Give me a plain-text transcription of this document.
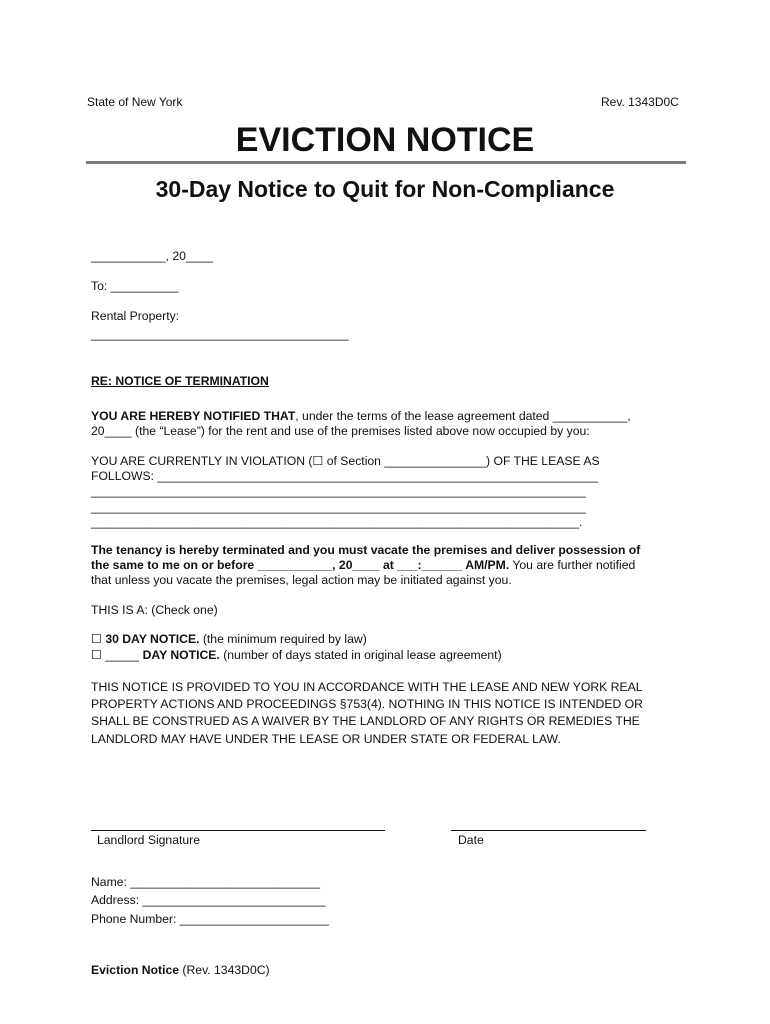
State of New York	Rev. 1343D0C
EVICTION NOTICE
30-Day Notice to Quit for Non-Compliance
___________, 20____
To: __________
Rental Property:
______________________________________
RE: NOTICE OF TERMINATION
YOU ARE HEREBY NOTIFIED THAT, under the terms of the lease agreement dated ___________,
20____ (the “Lease”) for the rent and use of the premises listed above now occupied by you:
YOU ARE CURRENTLY IN VIOLATION (☐ of Section _______________) OF THE LEASE AS
FOLLOWS: _________________________________________________________________
_________________________________________________________________________
_________________________________________________________________________
________________________________________________________________________.
The tenancy is hereby terminated and you must vacate the premises and deliver possession of
the same to me on or before ___________, 20____ at ___:______ AM/PM. You are further notified
that unless you vacate the premises, legal action may be initiated against you.
THIS IS A: (Check one)
☐ 30 DAY NOTICE. (the minimum required by law)
☐ _____ DAY NOTICE. (number of days stated in original lease agreement)
THIS NOTICE IS PROVIDED TO YOU IN ACCORDANCE WITH THE LEASE AND NEW YORK REAL
PROPERTY ACTIONS AND PROCEEDINGS §753(4). NOTHING IN THIS NOTICE IS INTENDED OR
SHALL BE CONSTRUED AS A WAIVER BY THE LANDLORD OF ANY RIGHTS OR REMEDIES THE
LANDLORD MAY HAVE UNDER THE LEASE OR UNDER STATE OR FEDERAL LAW.
Landlord Signature	Date
Name: ____________________________
Address: ___________________________
Phone Number: ______________________
Eviction Notice (Rev. 1343D0C)
